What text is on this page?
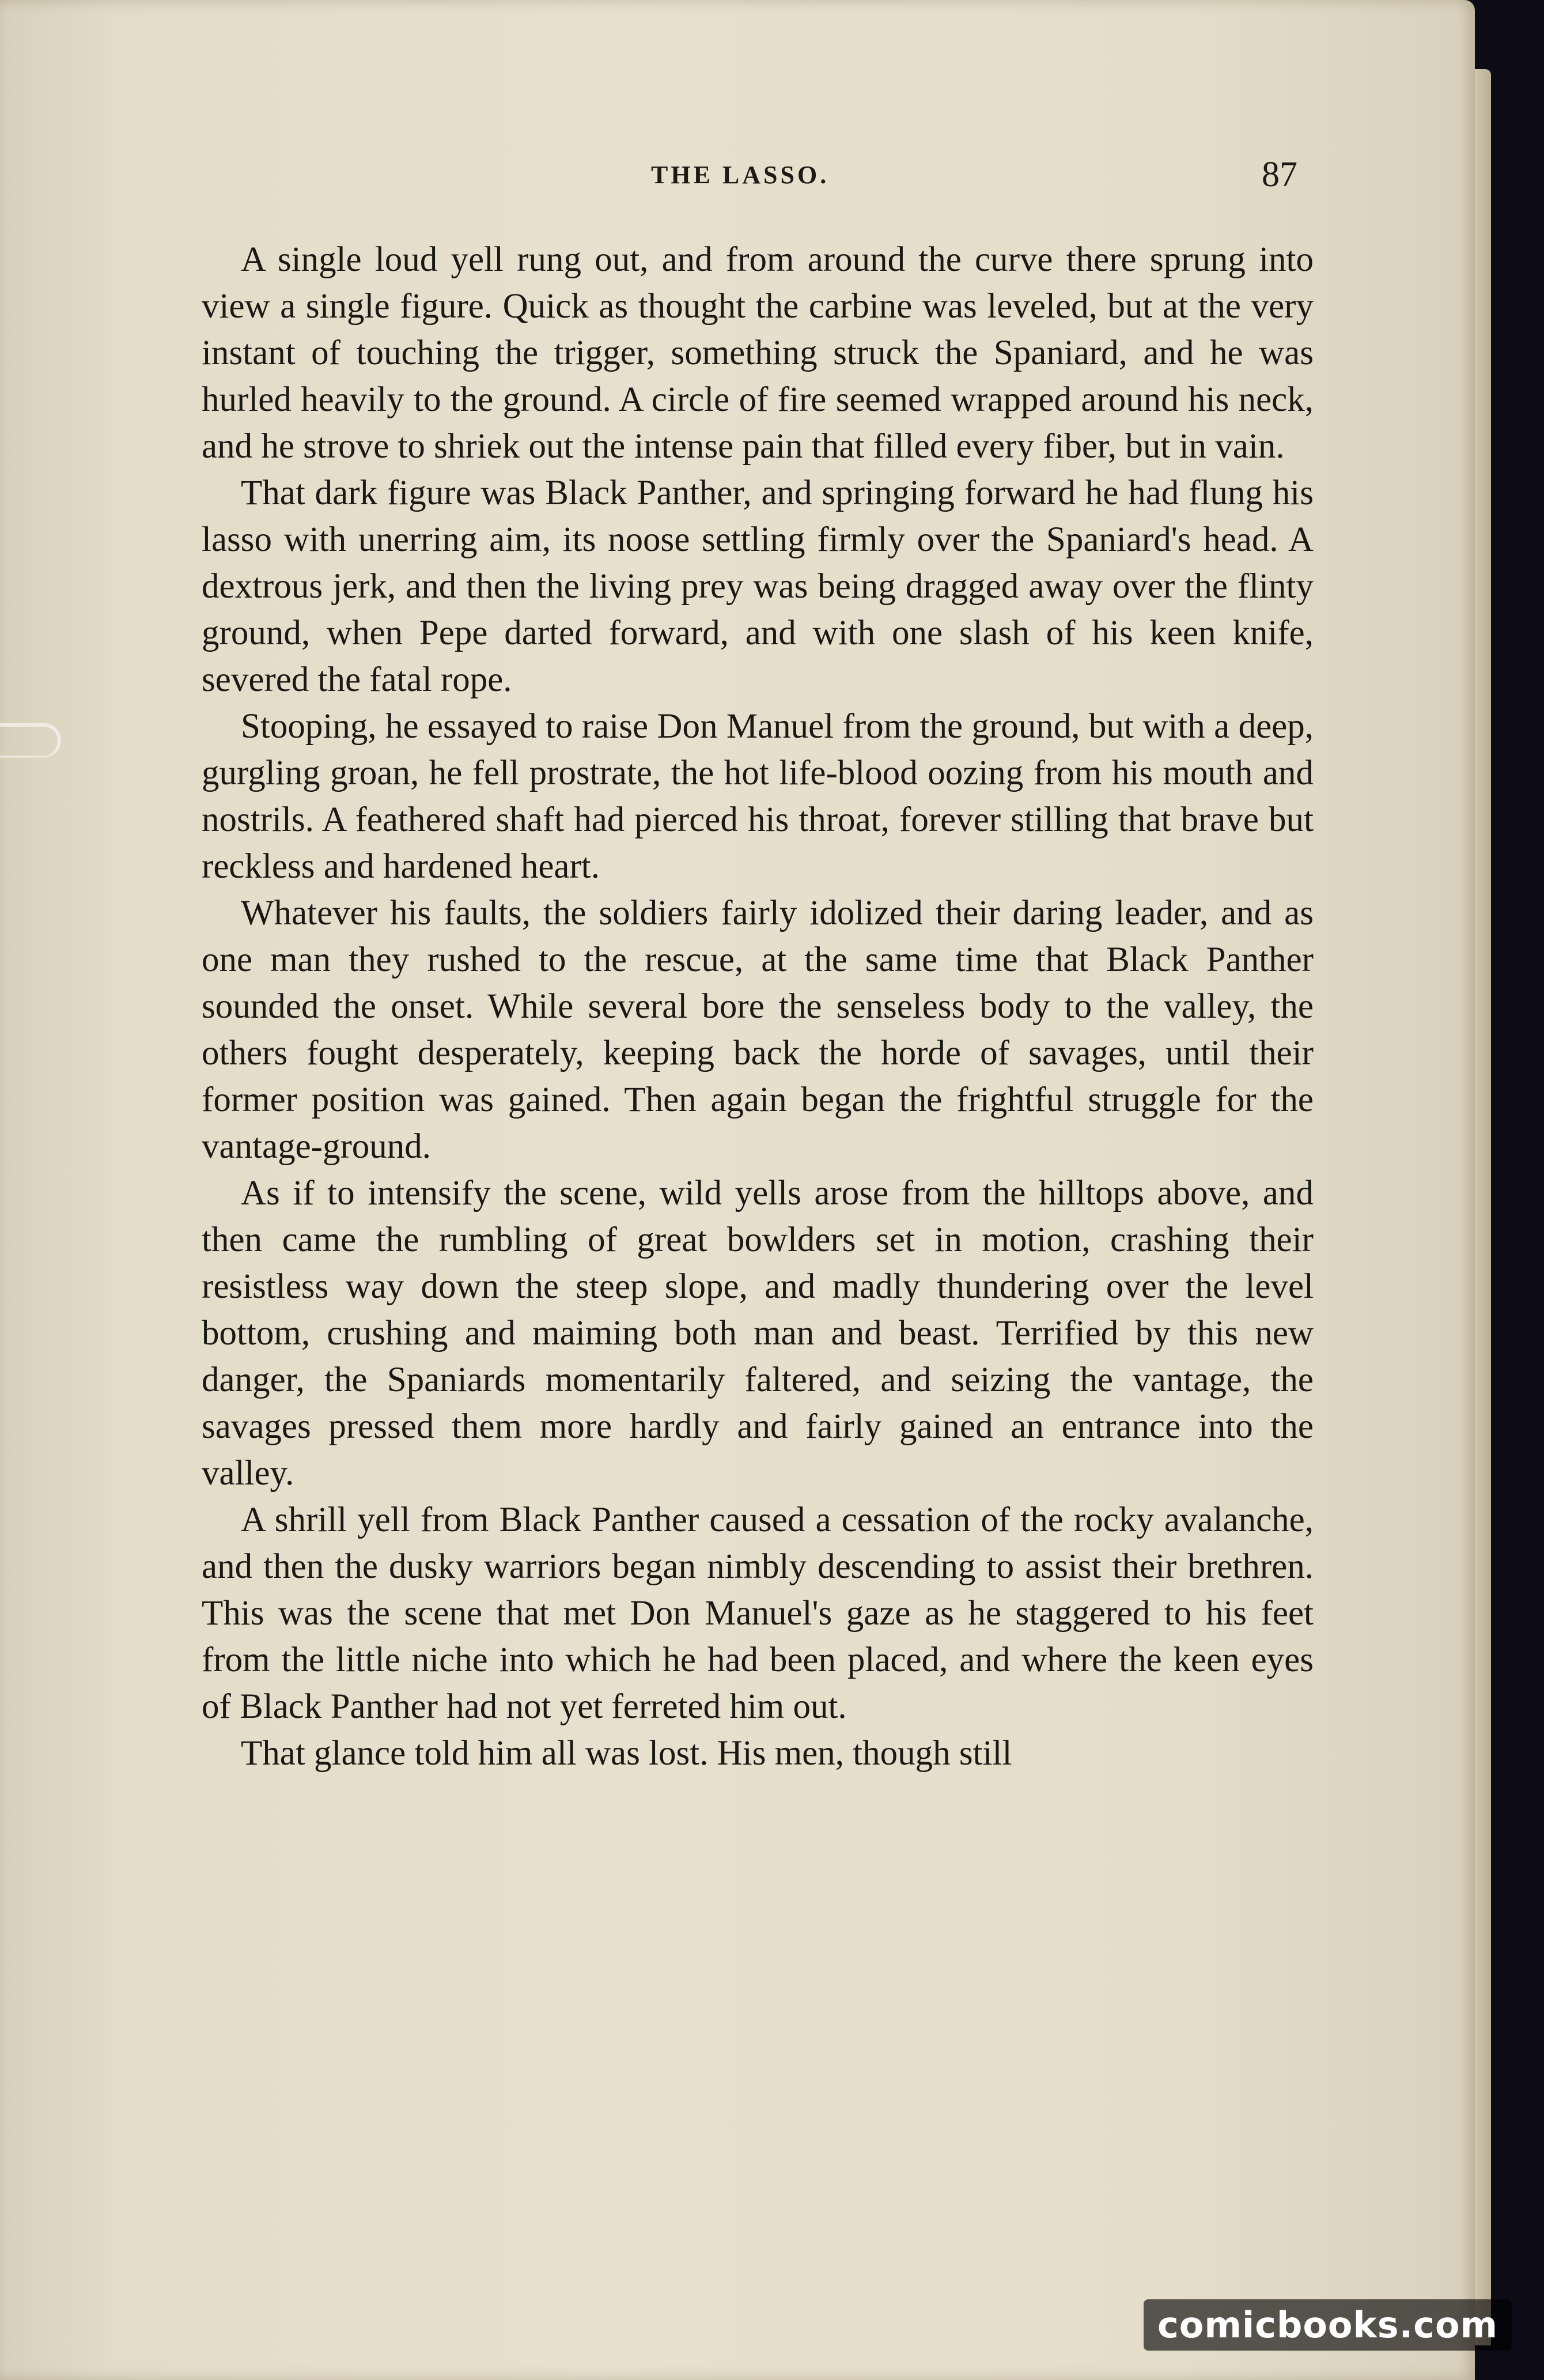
THE LASSO.	87

A single loud yell rung out, and from around the curve there sprung into view a single figure. Quick as thought the carbine was leveled, but at the very instant of touching the trigger, something struck the Spaniard, and he was hurled heavily to the ground. A circle of fire seemed wrapped around his neck, and he strove to shriek out the intense pain that filled every fiber, but in vain.

That dark figure was Black Panther, and springing forward he had flung his lasso with unerring aim, its noose settling firmly over the Spaniard's head. A dextrous jerk, and then the living prey was being dragged away over the flinty ground, when Pepe darted forward, and with one slash of his keen knife, severed the fatal rope.

Stooping, he essayed to raise Don Manuel from the ground, but with a deep, gurgling groan, he fell prostrate, the hot life-blood oozing from his mouth and nostrils. A feathered shaft had pierced his throat, forever stilling that brave but reckless and hardened heart.

Whatever his faults, the soldiers fairly idolized their daring leader, and as one man they rushed to the rescue, at the same time that Black Panther sounded the onset. While several bore the senseless body to the valley, the others fought desperately, keeping back the horde of savages, until their former position was gained. Then again began the frightful struggle for the vantage-ground.

As if to intensify the scene, wild yells arose from the hilltops above, and then came the rumbling of great bowlders set in motion, crashing their resistless way down the steep slope, and madly thundering over the level bottom, crushing and maiming both man and beast. Terrified by this new danger, the Spaniards momentarily faltered, and seizing the vantage, the savages pressed them more hardly and fairly gained an entrance into the valley.

A shrill yell from Black Panther caused a cessation of the rocky avalanche, and then the dusky warriors began nimbly descending to assist their brethren. This was the scene that met Don Manuel's gaze as he staggered to his feet from the little niche into which he had been placed, and where the keen eyes of Black Panther had not yet ferreted him out.

That glance told him all was lost. His men, though still

comicbooks.com
